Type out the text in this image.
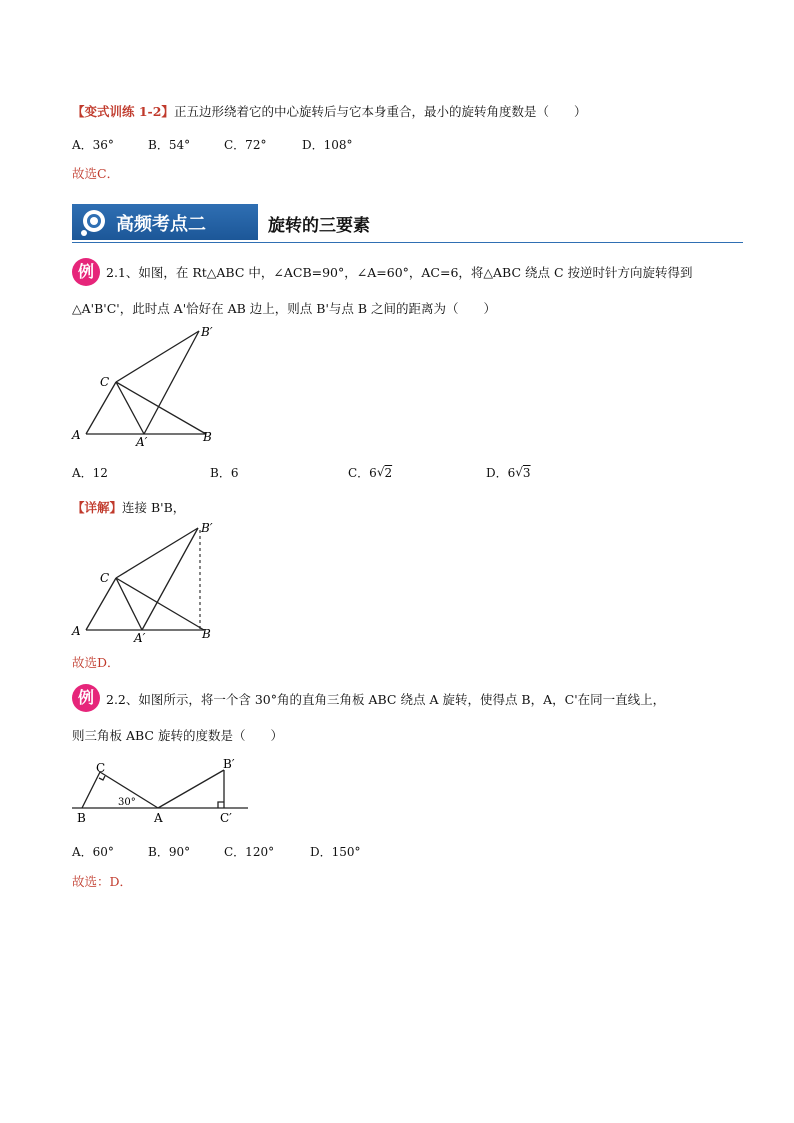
【变式训练 1-2】正五边形绕着它的中心旋转后与它本身重合，最小的旋转角度数是（　　）
A．36°	B．54°	C．72°	D．108°
故选C．
高频考点二	旋转的三要素
例 2.1、如图，在 Rt△ABC 中，∠ACB=90°，∠A=60°，AC=6，将△ABC 绕点 C 按逆时针方向旋转得到
△A'B'C'，此时点 A'恰好在 AB 边上，则点 B'与点 B 之间的距离为（　　）
A	B
C
A′
B′
A．12	B．6	C．6√2	D．6√3
【详解】连接 B'B，
A	B
C
A′
B′
故选D．
例 2.2、如图所示，将一个含 30°角的直角三角板 ABC 绕点 A 旋转，使得点 B，A，C'在同一直线上，
则三角板 ABC 旋转的度数是（　　）
B	A
C	B′
C′
30°
A．60°	B．90°	C．120°	D．150°
故选：D．
